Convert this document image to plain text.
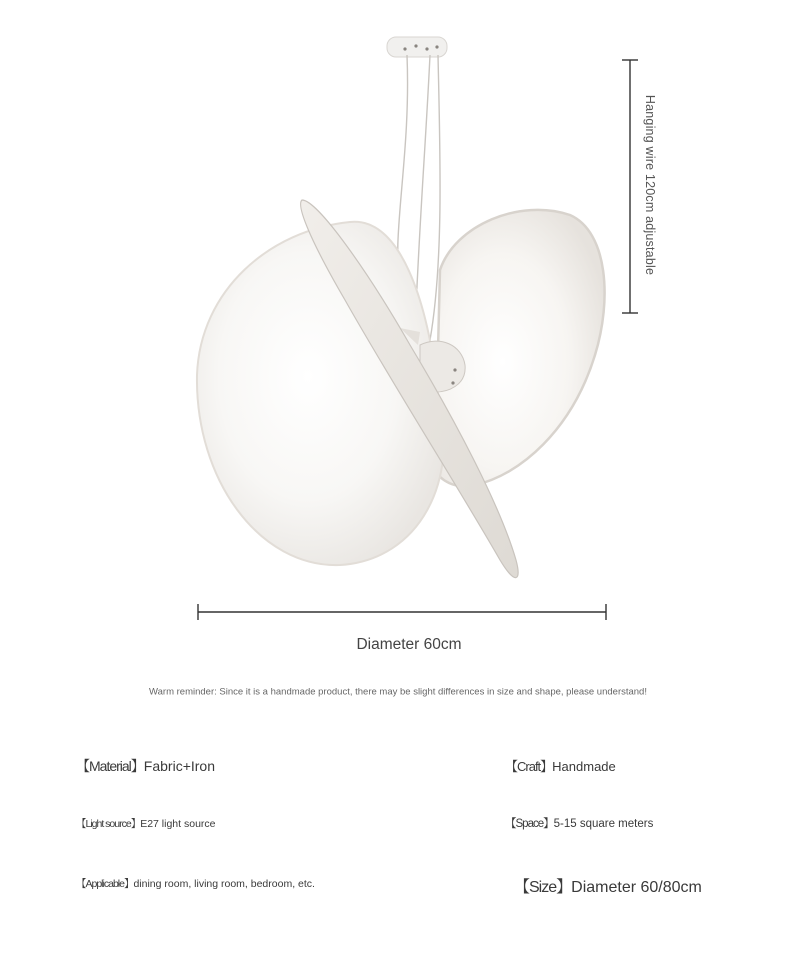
Hanging wire 120cm adjustable
Diameter 60cm
Warm reminder: Since it is a handmade product, there may be slight differences in size and shape, please understand!
【Material】Fabric+Iron	【Craft】Handmade
【Light source】E27 light source	【Space】5-15 square meters
【Applicable】dining room, living room, bedroom, etc.	【Size】Diameter 60/80cm
